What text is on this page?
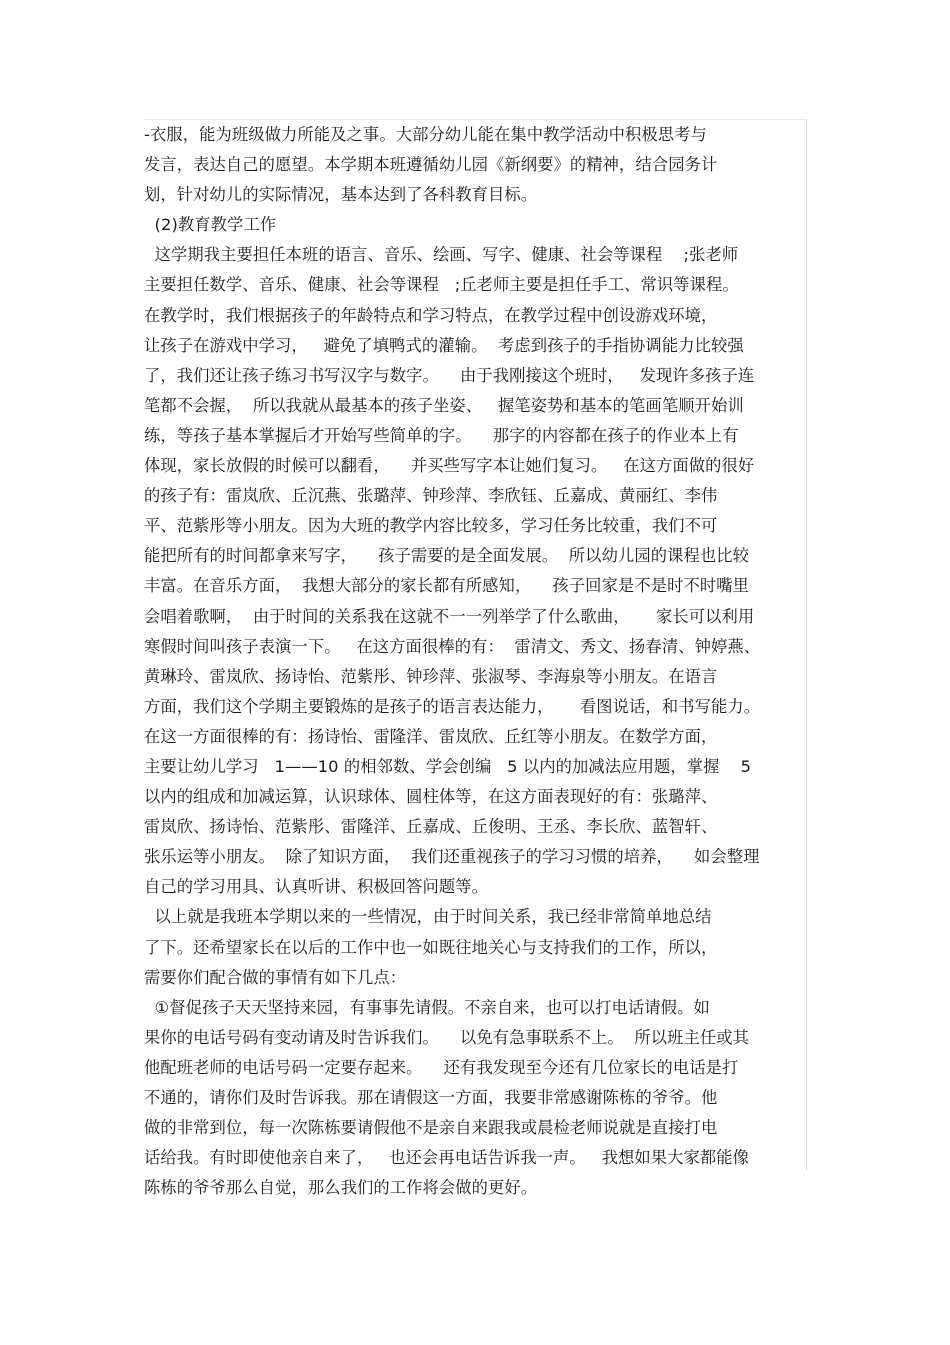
-衣服，能为班级做力所能及之事。大部分幼儿能在集中教学活动中积极思考与
发言，表达自己的愿望。本学期本班遵循幼儿园《新纲要》的精神，结合园务计
划，针对幼儿的实际情况，基本达到了各科教育目标。
(2)教育教学工作
这学期我主要担任本班的语言、音乐、绘画、写字、健康、社会等课程    ;张老师
主要担任数学、音乐、健康、社会等课程   ;丘老师主要是担任手工、常识等课程。
在教学时，我们根据孩子的年龄特点和学习特点，在教学过程中创设游戏环境，
让孩子在游戏中学习，   避免了填鸭式的灌输。  考虑到孩子的手指协调能力比较强
了，我们还让孩子练习书写汉字与数字。    由于我刚接这个班时，   发现许多孩子连
笔都不会握，  所以我就从最基本的孩子坐姿、   握笔姿势和基本的笔画笔顺开始训
练，等孩子基本掌握后才开始写些简单的字。    那字的内容都在孩子的作业本上有
体现，家长放假的时候可以翻看，    并买些写字本让她们复习。   在这方面做的很好
的孩子有：雷岚欣、丘沉燕、张璐萍、钟珍萍、李欣钰、丘嘉成、黄丽红、李伟
平、范紫彤等小朋友。因为大班的教学内容比较多，学习任务比较重，我们不可
能把所有的时间都拿来写字，    孩子需要的是全面发展。  所以幼儿园的课程也比较
丰富。在音乐方面，  我想大部分的家长都有所感知，    孩子回家是不是时不时嘴里
会唱着歌啊，  由于时间的关系我在这就不一一列举学了什么歌曲，     家长可以利用
寒假时间叫孩子表演一下。   在这方面很棒的有：  雷清文、秀文、扬春清、钟婷燕、
黄琳玲、雷岚欣、扬诗怡、范紫彤、钟珍萍、张淑琴、李海泉等小朋友。在语言
方面，我们这个学期主要锻炼的是孩子的语言表达能力，     看图说话，和书写能力。
在这一方面很棒的有：扬诗怡、雷隆洋、雷岚欣、丘红等小朋友。在数学方面，
主要让幼儿学习   1——10 的相邻数、学会创编   5 以内的加减法应用题，掌握    5
以内的组成和加减运算，认识球体、圆柱体等，在这方面表现好的有：张璐萍、
雷岚欣、扬诗怡、范紫彤、雷隆洋、丘嘉成、丘俊明、王丞、李长欣、蓝智轩、
张乐运等小朋友。  除了知识方面，  我们还重视孩子的学习习惯的培养，    如会整理
自己的学习用具、认真听讲、积极回答问题等。
以上就是我班本学期以来的一些情况，由于时间关系，我已经非常简单地总结
了下。还希望家长在以后的工作中也一如既往地关心与支持我们的工作，所以，
需要你们配合做的事情有如下几点：
①督促孩子天天坚持来园，有事事先请假。不亲自来，也可以打电话请假。如
果你的电话号码有变动请及时告诉我们。    以免有急事联系不上。  所以班主任或其
他配班老师的电话号码一定要存起来。    还有我发现至今还有几位家长的电话是打
不通的，请你们及时告诉我。那在请假这一方面，我要非常感谢陈栋的爷爷。他
做的非常到位，每一次陈栋要请假他不是亲自来跟我或晨检老师说就是直接打电
话给我。有时即使他亲自来了，   也还会再电话告诉我一声。   我想如果大家都能像
陈栋的爷爷那么自觉，那么我们的工作将会做的更好。
